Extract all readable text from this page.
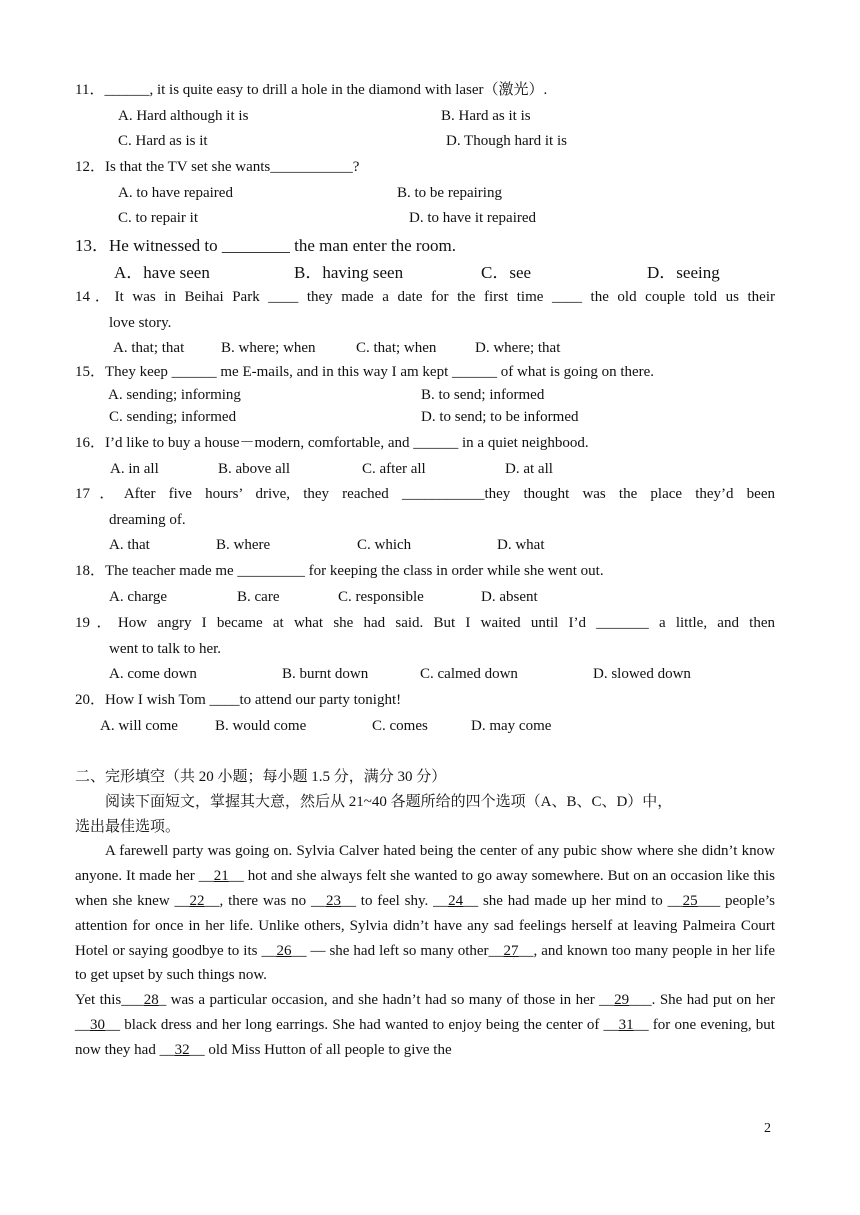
11．______, it is quite easy to drill a hole in the diamond with laser（激光）.
A. Hard although it is	B. Hard as it is
C. Hard as is it	D. Though hard it is
12．Is that the TV set she wants___________?
A. to have repaired	B. to be repairing
C. to repair it	D. to have it repaired
13．He witnessed to ________ the man enter the room.
A．have seen	B．having seen	C．see	D．seeing
14．It was in Beihai Park ____ they made a date for the first time ____ the old couple told us their
love story.
A. that; that B. where; when	C. that; when	D. where; that
15．They keep ______ me E-mails, and in this way I am kept ______ of what is going on there.
A. sending; informing	B. to send; informed
C. sending; informed	D. to send; to be informed
16．I’d like to buy a house－modern, comfortable, and ______ in a quiet neighbood.
A. in all	B. above all	C. after all	D. at all
17．After five hours’ drive, they reached ___________they thought was the place they’d been
dreaming of.
A. that	B. where	C. which	D. what
18．The teacher made me _________ for keeping the class in order while she went out.
A. charge	B. care	C. responsible	D. absent
19．How angry I became at what she had said. But I waited until I’d _______ a little, and then
went to talk to her.
A. come down	B. burnt down	C. calmed down	D. slowed down
20．How I wish Tom ____to attend our party tonight!
A. will come B. would come	C. comes	D. may come
二、完形填空（共 20 小题；每小题 1.5 分，满分 30 分）
阅读下面短文，掌握其大意，然后从 21~40 各题所给的四个选项（A、B、C、D）中，
选出最佳选项。
A farewell party was going on. Sylvia Calver hated being the center of any pubic show where she didn’t know anyone. It made her __21__ hot and she always felt she wanted to go away somewhere. But on an occasion like this when she knew __22__, there was no __23__ to feel shy. __24__ she had made up her mind to __25___ people’s attention for once in her life. Unlike others, Sylvia didn’t have any sad feelings herself at leaving Palmeira Court Hotel or saying goodbye to its __26__ — she had left so many other__27__, and known too many people in her life to get upset by such things now.
Yet this___28_ was a particular occasion, and she hadn’t had so many of those in her __29___. She had put on her __30__ black dress and her long earrings. She had wanted to enjoy being the center of __31__ for one evening, but now they had __32__ old Miss Hutton of all people to give the
2
